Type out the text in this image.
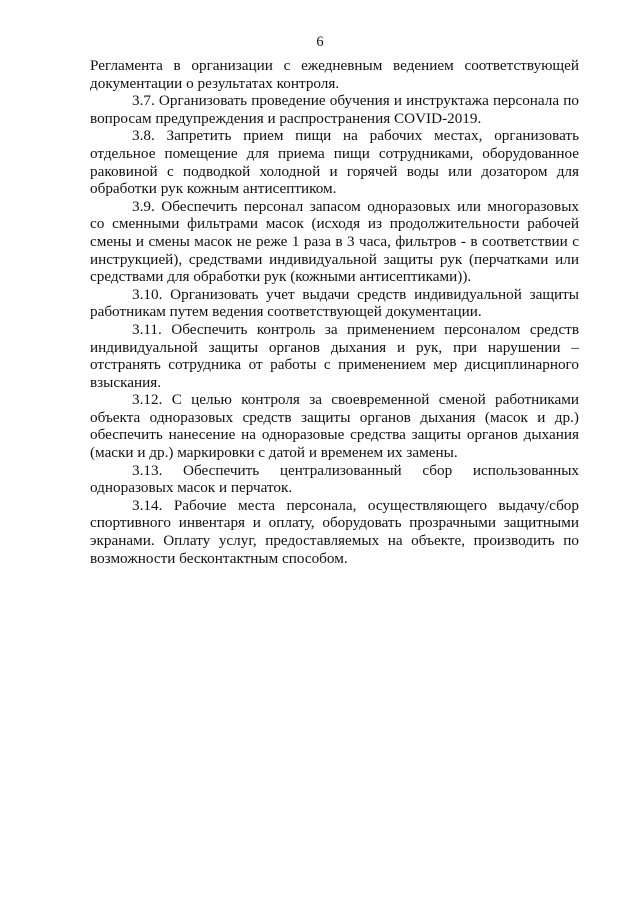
6

Регламента в организации с ежедневным ведением соответствующей документации о результатах контроля.

3.7. Организовать проведение обучения и инструктажа персонала по вопросам предупреждения и распространения COVID-2019.

3.8. Запретить прием пищи на рабочих местах, организовать отдельное помещение для приема пищи сотрудниками, оборудованное раковиной с подводкой холодной и горячей воды или дозатором для обработки рук кожным антисептиком.

3.9. Обеспечить персонал запасом одноразовых или многоразовых со сменными фильтрами масок (исходя из продолжительности рабочей смены и смены масок не реже 1 раза в 3 часа, фильтров - в соответствии с инструкцией), средствами индивидуальной защиты рук (перчатками или средствами для обработки рук (кожными антисептиками)).

3.10. Организовать учет выдачи средств индивидуальной защиты работникам путем ведения соответствующей документации.

3.11. Обеспечить контроль за применением персоналом средств индивидуальной защиты органов дыхания и рук, при нарушении – отстранять сотрудника от работы с применением мер дисциплинарного взыскания.

3.12. С целью контроля за своевременной сменой работниками объекта одноразовых средств защиты органов дыхания (масок и др.) обеспечить нанесение на одноразовые средства защиты органов дыхания (маски и др.) маркировки с датой и временем их замены.

3.13. Обеспечить централизованный сбор использованных одноразовых масок и перчаток.

3.14. Рабочие места персонала, осуществляющего выдачу/сбор спортивного инвентаря и оплату, оборудовать прозрачными защитными экранами. Оплату услуг, предоставляемых на объекте, производить по возможности бесконтактным способом.
